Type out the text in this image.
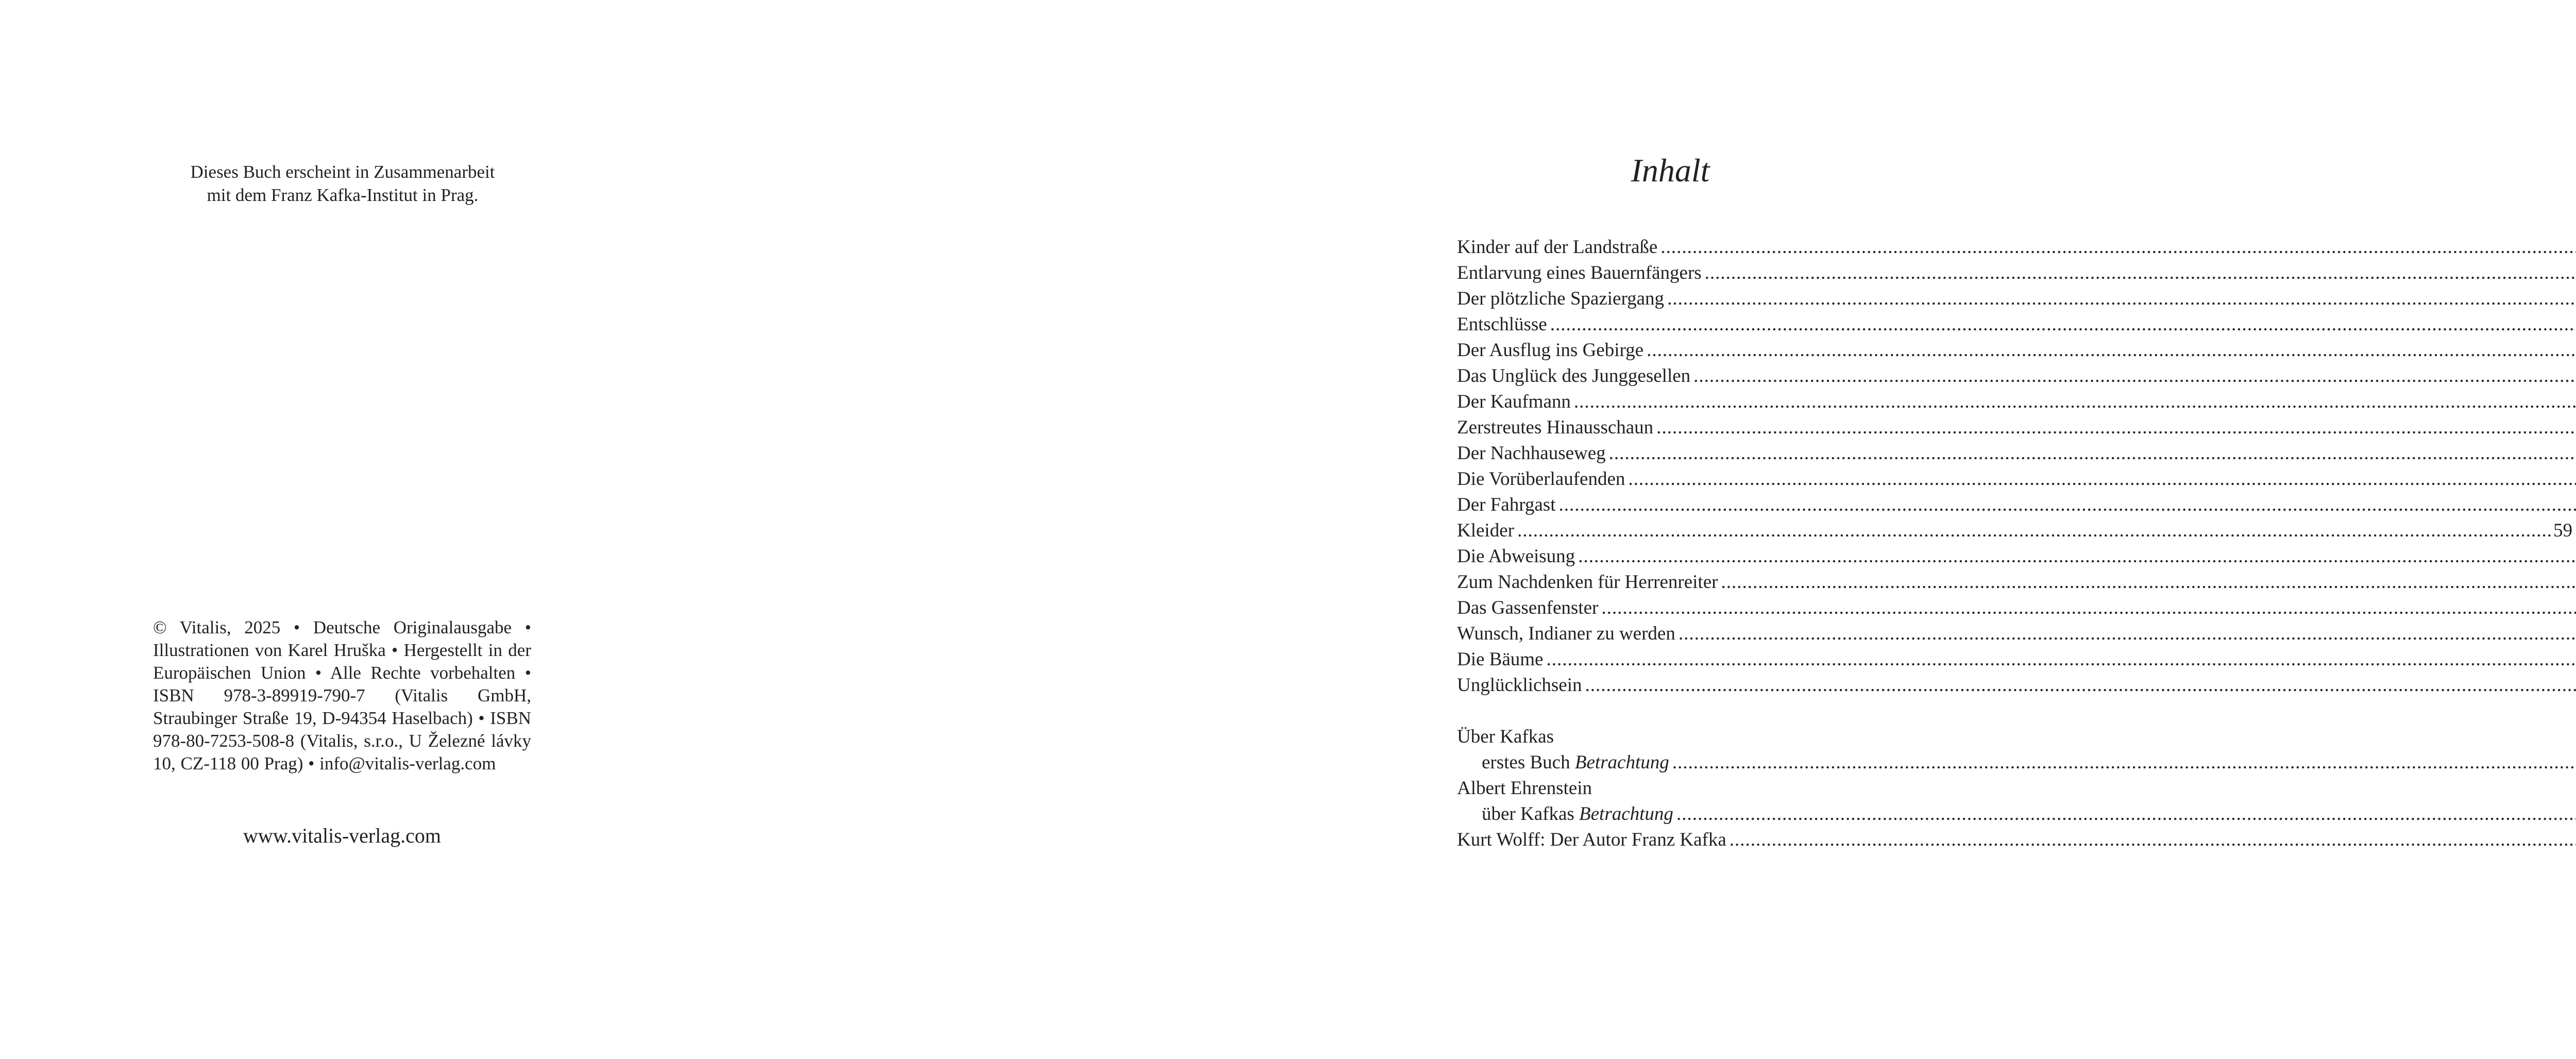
Dieses Buch erscheint in Zusammenarbeit
mit dem Franz Kafka-Institut in Prag.
© Vitalis, 2025 • Deutsche Originalausgabe • Illustrationen von Karel Hruška • Hergestellt in der Europäischen Union • Alle Rechte vorbehalten • ISBN 978-3-89919-790-7 (Vitalis GmbH, Straubinger Straße 19, D-94354 Haselbach) • ISBN 978-80-7253-508-8 (Vitalis, s.r.o., U Železné lávky 10, CZ-118 00 Prag) • info@vitalis-verlag.com
www.vitalis-verlag.com
Inhalt
Kinder auf der Landstraße
.....
Entlarvung eines Bauernfängers
.....
Der plötzliche Spaziergang
.....
Entschlüsse
.....
Der Ausflug ins Gebirge
.....
Das Unglück des Junggesellen
.....
Der Kaufmann
.....
Zerstreutes Hinausschaun
.....
Der Nachhauseweg
.....
Die Vorüberlaufenden
.....
Der Fahrgast
.....
Kleider
.....	59
Die Abweisung
.....
Zum Nachdenken für Herrenreiter
.....
Das Gassenfenster
.....
Wunsch, Indianer zu werden
.....
Die Bäume
.....
Unglücklichsein
.....
Über Kafkas
erstes Buch Betrachtung
.....
Albert Ehrenstein
über Kafkas Betrachtung
.....
Kurt Wolff: Der Autor Franz Kafka
.....
